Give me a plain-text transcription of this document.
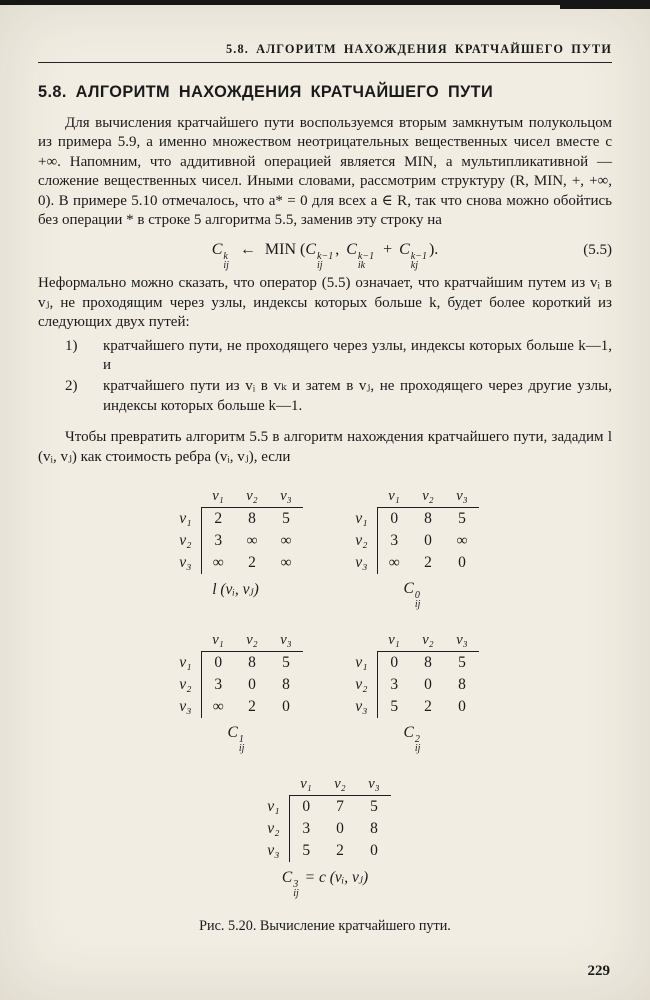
5.8. АЛГОРИТМ НАХОЖДЕНИЯ КРАТЧАЙШЕГО ПУТИ
5.8. АЛГОРИТМ НАХОЖДЕНИЯ КРАТЧАЙШЕГО ПУТИ

Для вычисления кратчайшего пути воспользуемся вторым замкнутым полукольцом из примера 5.9, а именно множеством неотрицательных вещественных чисел вместе с +∞. Напомним, что аддитивной операцией является MIN, а мультипликативной — сложение вещественных чисел. Иными словами, рассмотрим структуру (R, MIN, +, +∞, 0). В примере 5.10 отмечалось, что a* = 0 для всех a ∈ R, так что снова можно обойтись без операции * в строке 5 алгоритма 5.5, заменив эту строку на

C k
ij
← MIN (C k−1
ij
, C k−1
ik
+ C k−1
kj
).	(5.5)

Неформально можно сказать, что оператор (5.5) означает, что кратчайшим путем из vᵢ в vⱼ, не проходящим через узлы, индексы которых больше k, будет более короткий из следующих двух путей:

1)	кратчайшего пути, не проходящего через узлы, индексы которых больше k—1, и

2)	кратчайшего пути из vᵢ в vₖ и затем в vⱼ, не проходящего через другие узлы, индексы которых больше k—1.

Чтобы превратить алгоритм 5.5 в алгоритм нахождения кратчайшего пути, зададим l (vᵢ, vⱼ) как стоимость ребра (vᵢ, vⱼ), если

	v₁	v₂	v₃
v₁	2	8	5
v₂	3	∞	∞
v₃	∞	2	∞
l (vᵢ, vⱼ)
	v₁	v₂	v₃
v₁	0	8	5
v₂	3	0	∞
v₃	∞	2	0
C 0
ij
	v₁	v₂	v₃
v₁	0	8	5
v₂	3	0	8
v₃	∞	2	0
C 1
ij
	v₁	v₂	v₃
v₁	0	8	5
v₂	3	0	8
v₃	5	2	0
C 2
ij
	v₁	v₂	v₃
v₁	0	7	5
v₂	3	0	8
v₃	5	2	0
C 3
ij
= c (vᵢ, vⱼ)
Рис. 5.20. Вычисление кратчайшего пути.
229
